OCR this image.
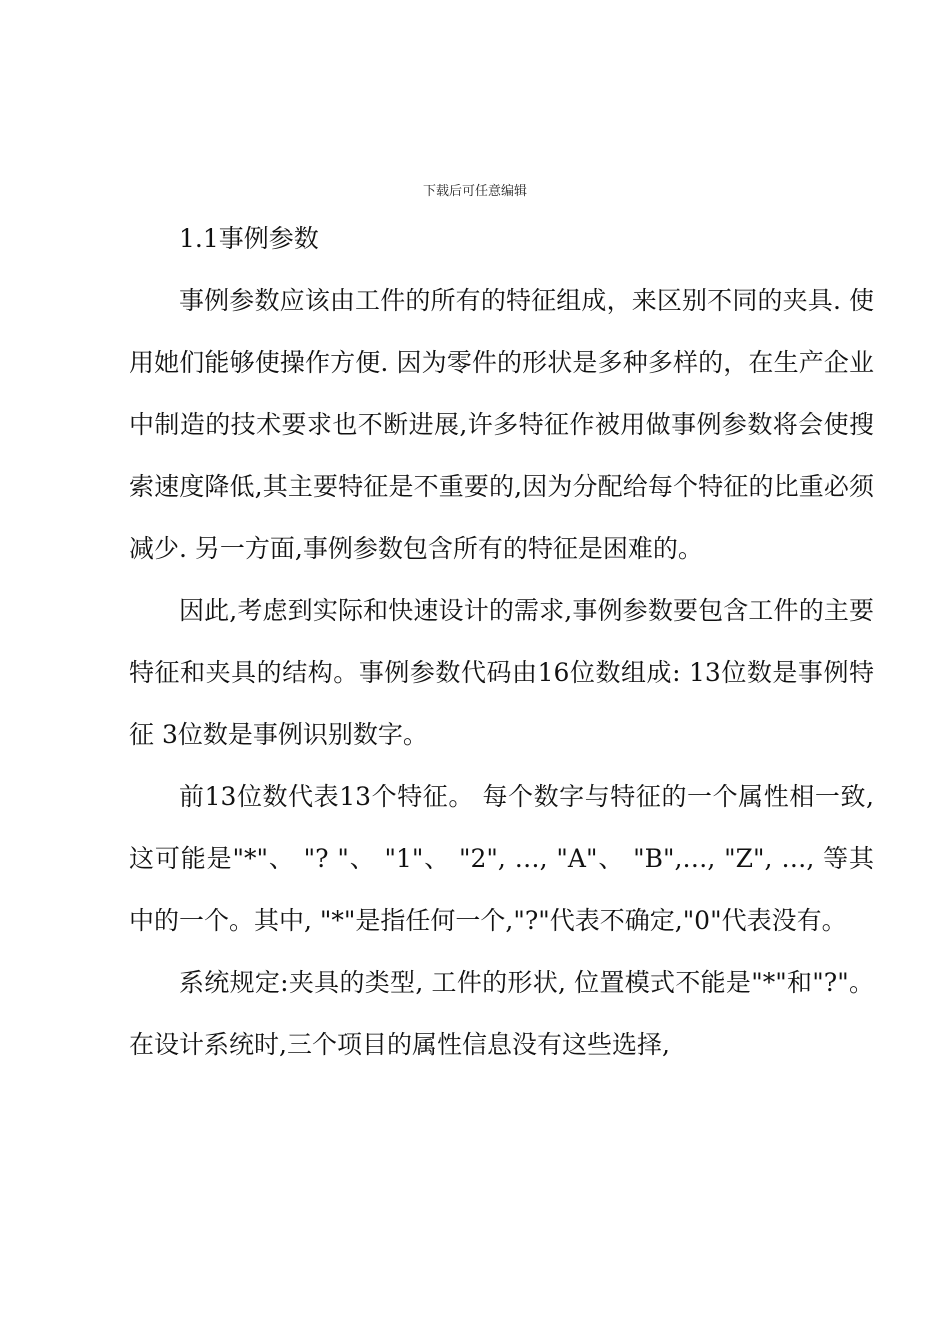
下载后可任意编辑

1.1事例参数

事例参数应该由工件的所有的特征组成，来区别不同的夹具. 使用她们能够使操作方便. 因为零件的形状是多种多样的，在生产企业中制造的技术要求也不断进展,许多特征作被用做事例参数将会使搜索速度降低,其主要特征是不重要的,因为分配给每个特征的比重必须减少. 另一方面,事例参数包含所有的特征是困难的。

因此,考虑到实际和快速设计的需求,事例参数要包含工件的主要特征和夹具的结构。事例参数代码由16位数组成: 13位数是事例特征 3位数是事例识别数字。

前13位数代表13个特征。 每个数字与特征的一个属性相一致,这可能是"*"、 "? "、 "1"、 "2", …, "A"、 "B",…, "Z", …, 等其中的一个。其中, "*"是指任何一个,"?"代表不确定,"0"代表没有。

系统规定:夹具的类型, 工件的形状, 位置模式不能是"*"和"?"。在设计系统时,三个项目的属性信息没有这些选择,
